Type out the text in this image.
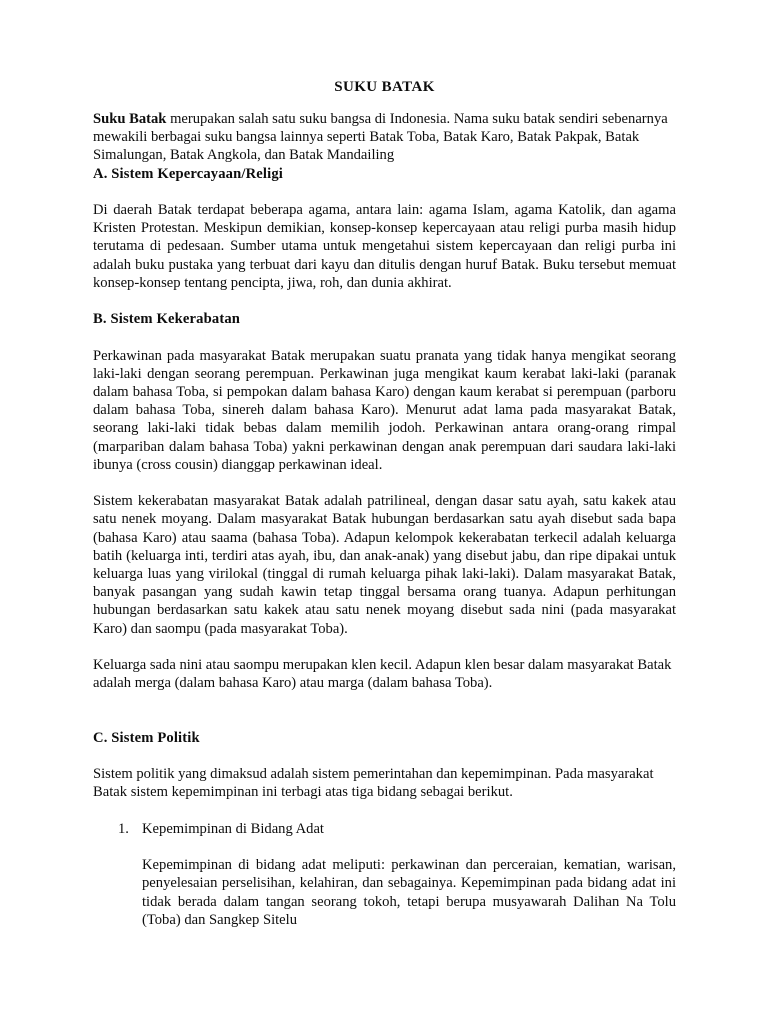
SUKU BATAK

Suku Batak merupakan salah satu suku bangsa di Indonesia. Nama suku batak sendiri sebenarnya mewakili berbagai suku bangsa lainnya seperti Batak Toba, Batak Karo, Batak Pakpak, Batak Simalungan, Batak Angkola, dan Batak Mandailing

A. Sistem Kepercayaan/Religi

Di daerah Batak terdapat beberapa agama, antara lain: agama Islam, agama Katolik, dan agama Kristen Protestan. Meskipun demikian, konsep-konsep kepercayaan atau religi purba masih hidup terutama di pedesaan. Sumber utama untuk mengetahui sistem kepercayaan dan religi purba ini adalah buku pustaka yang terbuat dari kayu dan ditulis dengan huruf Batak. Buku tersebut memuat konsep-konsep tentang pencipta, jiwa, roh, dan dunia akhirat.

B. Sistem Kekerabatan

Perkawinan pada masyarakat Batak merupakan suatu pranata yang tidak hanya mengikat seorang laki-laki dengan seorang perempuan. Perkawinan juga mengikat kaum kerabat laki-laki (paranak dalam bahasa Toba, si pempokan dalam bahasa Karo) dengan kaum kerabat si perempuan (parboru dalam bahasa Toba, sinereh dalam bahasa Karo). Menurut adat lama pada masyarakat Batak, seorang laki-laki tidak bebas dalam memilih jodoh. Perkawinan antara orang-orang rimpal (marpariban dalam bahasa Toba) yakni perkawinan dengan anak perempuan dari saudara laki-laki ibunya (cross cousin) dianggap perkawinan ideal.

Sistem kekerabatan masyarakat Batak adalah patrilineal, dengan dasar satu ayah, satu kakek atau satu nenek moyang. Dalam masyarakat Batak hubungan berdasarkan satu ayah disebut sada bapa (bahasa Karo) atau saama (bahasa Toba). Adapun kelompok kekerabatan terkecil adalah keluarga batih (keluarga inti, terdiri atas ayah, ibu, dan anak-anak) yang disebut jabu, dan ripe dipakai untuk keluarga luas yang virilokal (tinggal di rumah keluarga pihak laki-laki). Dalam masyarakat Batak, banyak pasangan yang sudah kawin tetap tinggal bersama orang tuanya. Adapun perhitungan hubungan berdasarkan satu kakek atau satu nenek moyang disebut sada nini (pada masyarakat Karo) dan saompu (pada masyarakat Toba).

Keluarga sada nini atau saompu merupakan klen kecil. Adapun klen besar dalam masyarakat Batak adalah merga (dalam bahasa Karo) atau marga (dalam bahasa Toba).

C. Sistem Politik

Sistem politik yang dimaksud adalah sistem pemerintahan dan kepemimpinan. Pada masyarakat Batak sistem kepemimpinan ini terbagi atas tiga bidang sebagai berikut.

1. Kepemimpinan di Bidang Adat

Kepemimpinan di bidang adat meliputi: perkawinan dan perceraian, kematian, warisan, penyelesaian perselisihan, kelahiran, dan sebagainya. Kepemimpinan pada bidang adat ini tidak berada dalam tangan seorang tokoh, tetapi berupa musyawarah Dalihan Na Tolu (Toba) dan Sangkep Sitelu
